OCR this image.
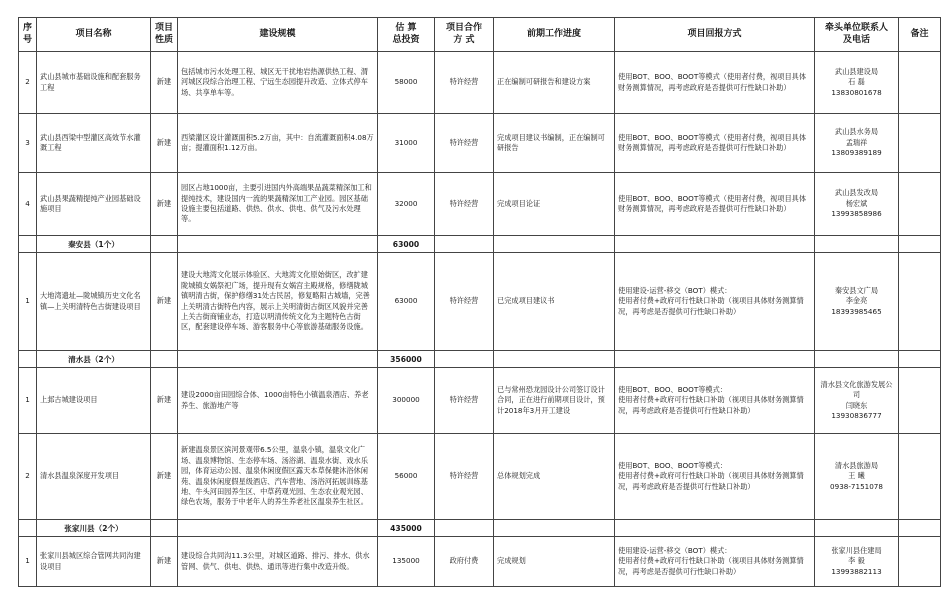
序
号	项目名称	项目
性质	建设规模	估 算
总投资	项目合作
方 式	前期工作进度	项目回报方式	牵头单位联系人
及电话	备注
2	武山县城市基础设施和配套服务工程	新建	包括城市污水处理工程、城区无干扰地岩热源供热工程、渭河城区段综合治理工程、宁远生态园提升改造、立体式停车场、共享单车等。	58000	特许经营	正在编制可研报告和建设方案	使用BOT、BOO、BOOT等模式（使用者付费，视项目具体财务测算情况，再考虑政府是否提供可行性缺口补助）	武山县建设局
石 磊
13830801678	
3	武山县西梁中型灌区高效节水灌溉工程	新建	西梁灌区设计灌溉面积5.2万亩，其中：自流灌溉面积4.08万亩；提灌面积1.12万亩。	31000	特许经营	完成项目建议书编制，正在编制可研报告	使用BOT、BOO、BOOT等模式（使用者付费，视项目具体财务测算情况，再考虑政府是否提供可行性缺口补助）	武山县水务局
孟瑞祥
13809389189	
4	武山县果蔬精提纯产业园基础设施项目	新建	园区占地1000亩，主要引进国内外高端果品蔬菜精深加工和提纯技术，建设国内一流的果蔬精深加工产业园。园区基础设施主要包括道路、供热、供水、供电、供气及污水处理等。	32000	特许经营	完成项目论证	使用BOT、BOO、BOOT等模式（使用者付费，视项目具体财务测算情况，再考虑政府是否提供可行性缺口补助）	武山县发改局
杨宏斌
13993858986	
	秦安县（1个）			63000					
1	大地湾遗址—陇城镇历史文化名镇—上关明清特色古街建设项目	新建	建设大地湾文化展示体验区、大地湾文化原始街区，改扩建陇城镇女娲祭祀广场，提升现有女娲宫主殿规格，修缮陇城镇明清古街，保护修缮31处古民居，修复略阳古城墙，完善上关明清古街特色内容，展示上关明清街古街区风貌并完善上关古街商铺业态，打造以明清传统文化为主题特色古街区，配套建设停车场、游客服务中心等旅游基础服务设施。	63000	特许经营	已完成项目建议书	使用建设-运营-移交（BOT）模式：
使用者付费+政府可行性缺口补助（视项目具体财务测算情况，再考虑是否提供可行性缺口补助）	秦安县文广局
李金亮
18393985465	
	清水县（2个）			356000					
1	上邽古城建设项目	新建	建设2000亩田园综合体、1000亩特色小镇温泉酒店、养老养生、旅游地产等	300000	特许经营	已与常州恐龙园设计公司签订设计合同，正在进行前期项目设计，预计2018年3月开工建设	使用BOT、BOO、BOOT等模式：
使用者付费+政府可行性缺口补助（视项目具体财务测算情况，再考虑政府是否提供可行性缺口补助）	清水县文化旅游发展公司
闫晓东
13930836777	
2	清水县温泉深度开发项目	新建	新建温泉景区滨河景观带6.5公里，温泉小镇，温泉文化广场、温泉博物馆、生态停车场、汤浴湖、温泉水街、戏水乐园，体育运动公园、温泉休闲度假区露天本草保健沐浴休闲苑、温泉休闲度假星级酒店、汽车营地、汤浴河拓展训练基地、牛头河田园养生区、中草药观光园、生态农业观光园、绿色农场，服务于中老年人的养生养老社区温泉养生社区。	56000	特许经营	总体规划完成	使用BOT、BOO、BOOT等模式：
使用者付费+政府可行性缺口补助（视项目具体财务测算情况，再考虑政府是否提供可行性缺口补助）	清水县旅游局
王 曦
0938-7151078	
	张家川县（2个）			435000					
1	张家川县城区综合管网共同沟建设项目	新建	建设综合共同沟11.3公里，对城区道路、排污、排水、供水管网、供气、供电、供热、通讯等进行集中改造升级。	135000	政府付费	完成规划	使用建设-运营-移交（BOT）模式：
使用者付费+政府可行性缺口补助（视项目具体财务测算情况，再考虑是否提供可行性缺口补助）	张家川县住建局
李 毅
13993882113	
